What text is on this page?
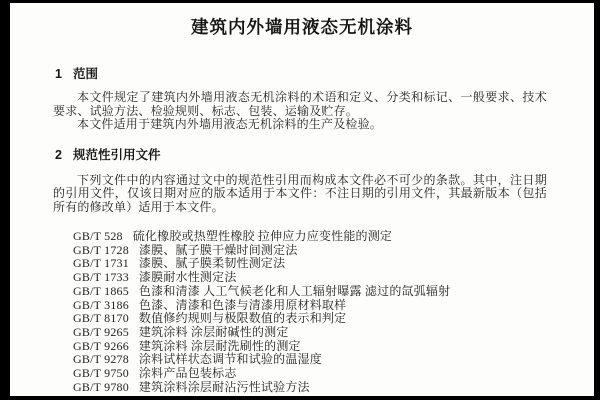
建筑内外墙用液态无机涂料
1 范围

本文件规定了建筑内外墙用液态无机涂料的术语和定义、分类和标记、一般要求、技术要求、试验方法、检验规则、标志、包装、运输及贮存。

本文件适用于建筑内外墙用液态无机涂料的生产及检验。

2 规范性引用文件

下列文件中的内容通过文中的规范性引用而构成本文件必不可少的条款。其中，注日期的引用文件，仅该日期对应的版本适用于本文件：不注日期的引用文件，其最新版本（包括所有的修改单）适用于本文件。

GB/T 528 硫化橡胶或热塑性橡胶 拉伸应力应变性能的测定
GB/T 1728 漆膜、腻子膜干燥时间测定法
GB/T 1731 漆膜、腻子膜柔韧性测定法
GB/T 1733 漆膜耐水性测定法
GB/T 1865 色漆和清漆 人工气候老化和人工辐射曝露 滤过的氙弧辐射
GB/T 3186 色漆、清漆和色漆与清漆用原材料取样
GB/T 8170 数值修约规则与极限数值的表示和判定
GB/T 9265 建筑涂料 涂层耐碱性的测定
GB/T 9266 建筑涂料 涂层耐洗刷性的测定
GB/T 9278 涂料试样状态调节和试验的温湿度
GB/T 9750 涂料产品包装标志
GB/T 9780 建筑涂料涂层耐沾污性试验方法
